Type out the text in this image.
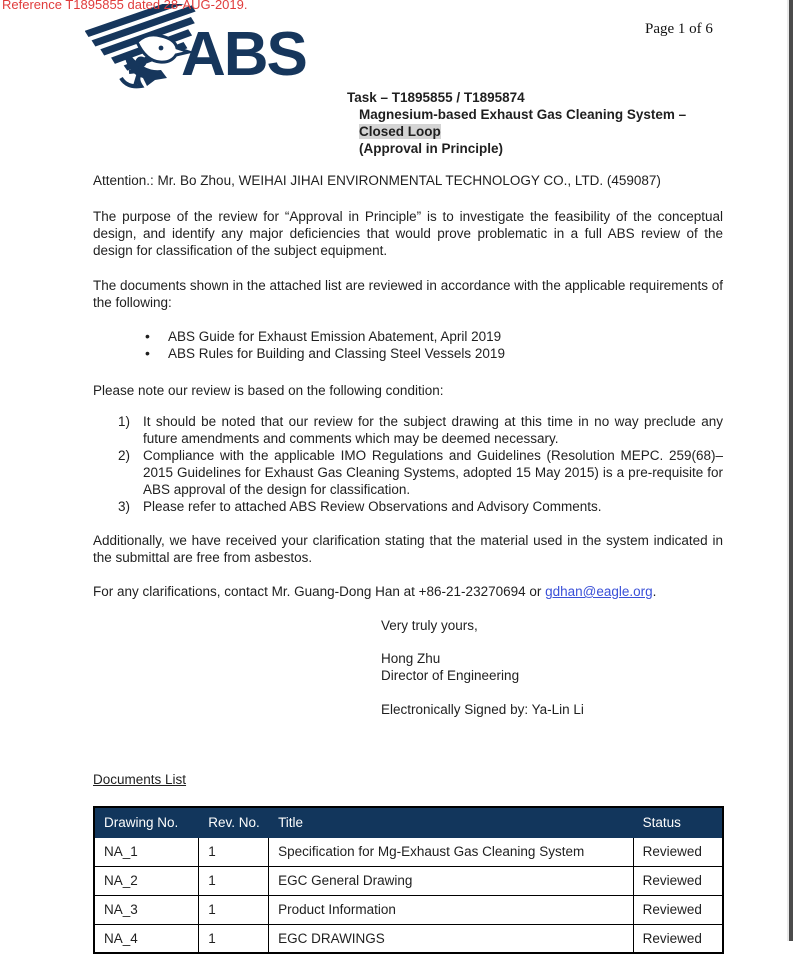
Reference T1895855 dated 28-AUG-2019.
ABS	Page 1 of 6
Task – T1895855 / T1895874
Magnesium-based Exhaust Gas Cleaning System –
Closed Loop
(Approval in Principle)
Attention.: Mr. Bo Zhou, WEIHAI JIHAI ENVIRONMENTAL TECHNOLOGY CO., LTD. (459087)
The purpose of the review for “Approval in Principle” is to investigate the feasibility of the conceptual design, and identify any major deficiencies that would prove problematic in a full ABS review of the design for classification of the subject equipment.
The documents shown in the attached list are reviewed in accordance with the applicable requirements of the following:
• ABS Guide for Exhaust Emission Abatement, April 2019
• ABS Rules for Building and Classing Steel Vessels 2019
Please note our review is based on the following condition:
1) It should be noted that our review for the subject drawing at this time in no way preclude any future amendments and comments which may be deemed necessary.
2) Compliance with the applicable IMO Regulations and Guidelines (Resolution MEPC. 259(68)– 2015 Guidelines for Exhaust Gas Cleaning Systems, adopted 15 May 2015) is a pre-requisite for ABS approval of the design for classification.
3) Please refer to attached ABS Review Observations and Advisory Comments.
Additionally, we have received your clarification stating that the material used in the system indicated in the submittal are free from asbestos.
For any clarifications, contact Mr. Guang-Dong Han at +86-21-23270694 or gdhan@eagle.org.
Very truly yours,
Hong Zhu
Director of Engineering
Electronically Signed by: Ya-Lin Li
Documents List
Drawing No.	Rev. No.	Title	Status
NA_1	1	Specification for Mg-Exhaust Gas Cleaning System	Reviewed
NA_2	1	EGC General Drawing	Reviewed
NA_3	1	Product Information	Reviewed
NA_4	1	EGC DRAWINGS	Reviewed
